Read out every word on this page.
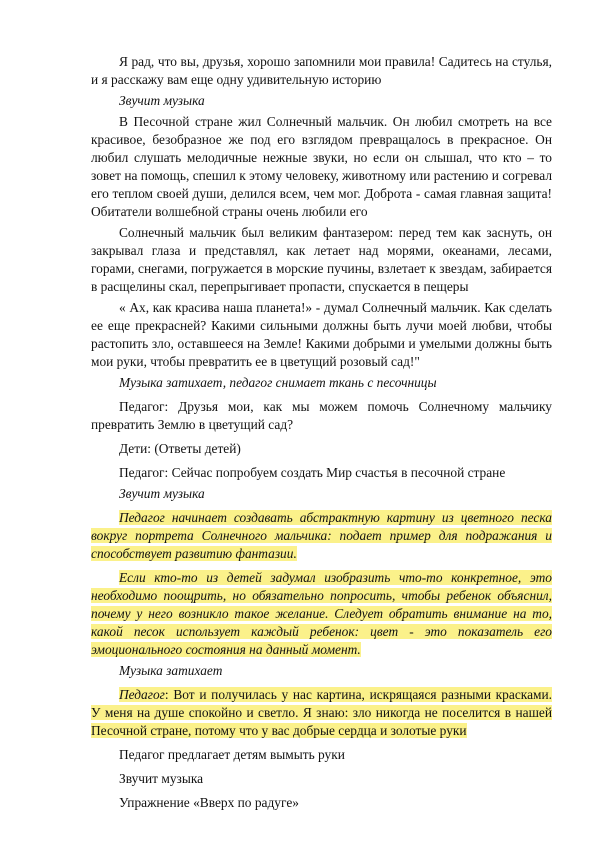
Я рад, что вы, друзья, хорошо запомнили мои правила! Садитесь на стулья, и я расскажу вам еще одну удивительную историю

Звучит музыка

В Песочной стране жил Солнечный мальчик. Он любил смотреть на все красивое, безобразное же под его взглядом превращалось в прекрасное. Он любил слушать мелодичные нежные звуки, но если он слышал, что кто – то зовет на помощь, спешил к этому человеку, животному или растению и согревал его теплом своей души, делился всем, чем мог. Доброта - самая главная защита! Обитатели волшебной страны очень любили его

Солнечный мальчик был великим фантазером: перед тем как заснуть, он закрывал глаза и представлял, как летает над морями, океанами, лесами, горами, снегами, погружается в морские пучины, взлетает к звездам, забирается в расщелины скал, перепрыгивает пропасти, спускается в пещеры

« Ах, как красива наша планета!» - думал Солнечный мальчик. Как сделать ее еще прекрасней? Какими сильными должны быть лучи моей любви, чтобы растопить зло, оставшееся на Земле! Какими добрыми и умелыми должны быть мои руки, чтобы превратить ее в цветущий розовый сад!"

Музыка затихает, педагог снимает ткань с песочницы

Педагог: Друзья мои, как мы можем помочь Солнечному мальчику превратить Землю в цветущий сад?

Дети: (Ответы детей)

Педагог: Сейчас попробуем создать Мир счастья в песочной стране

Звучит музыка

Педагог начинает создавать абстрактную картину из цветного песка вокруг портрета Солнечного мальчика: подает пример для подражания и способствует развитию фантазии.

Если кто-то из детей задумал изобразить что-то конкретное, это необходимо поощрить, но обязательно попросить, чтобы ребенок объяснил, почему у него возникло такое желание. Следует обратить внимание на то, какой песок использует каждый ребенок: цвет - это показатель его эмоционального состояния на данный момент.

Музыка затихает

Педагог: Вот и получилась у нас картина, искрящаяся разными красками. У меня на душе спокойно и светло. Я знаю: зло никогда не поселится в нашей Песочной стране, потому что у вас добрые сердца и золотые руки

Педагог предлагает детям вымыть руки

Звучит музыка

Упражнение «Вверх по радуге»
